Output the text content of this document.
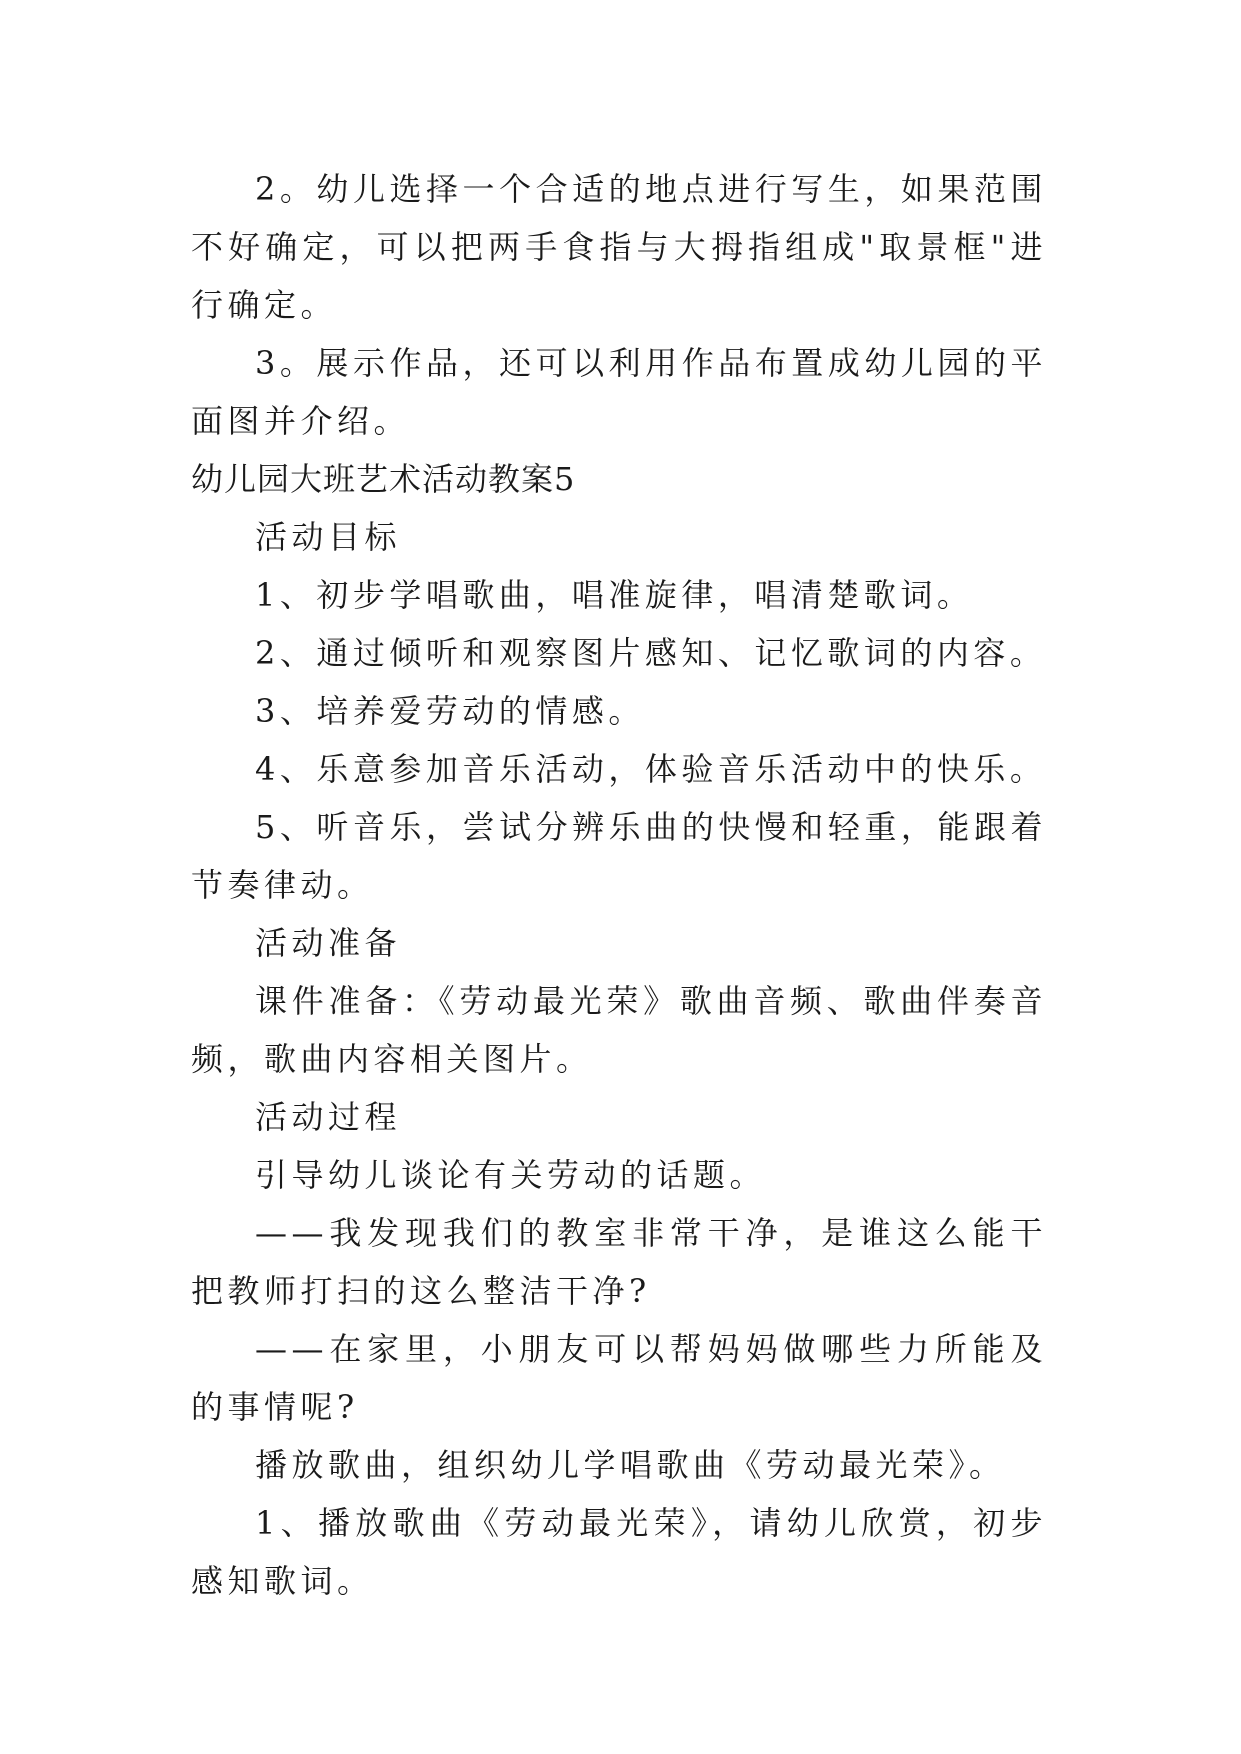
2。幼儿选择一个合适的地点进行写生，如果范围不好确定，可以把两手食指与大拇指组成"取景框"进行确定。

3。展示作品，还可以利用作品布置成幼儿园的平面图并介绍。

幼儿园大班艺术活动教案5

活动目标

1、初步学唱歌曲，唱准旋律，唱清楚歌词。

2、通过倾听和观察图片感知、记忆歌词的内容。

3、培养爱劳动的情感。

4、乐意参加音乐活动，体验音乐活动中的快乐。

5、听音乐，尝试分辨乐曲的快慢和轻重，能跟着节奏律动。

活动准备

课件准备：《劳动最光荣》歌曲音频、歌曲伴奏音频，歌曲内容相关图片。

活动过程

引导幼儿谈论有关劳动的话题。

——我发现我们的教室非常干净，是谁这么能干把教师打扫的这么整洁干净?

——在家里，小朋友可以帮妈妈做哪些力所能及的事情呢?

播放歌曲，组织幼儿学唱歌曲《劳动最光荣》。

1、播放歌曲《劳动最光荣》，请幼儿欣赏，初步感知歌词。
